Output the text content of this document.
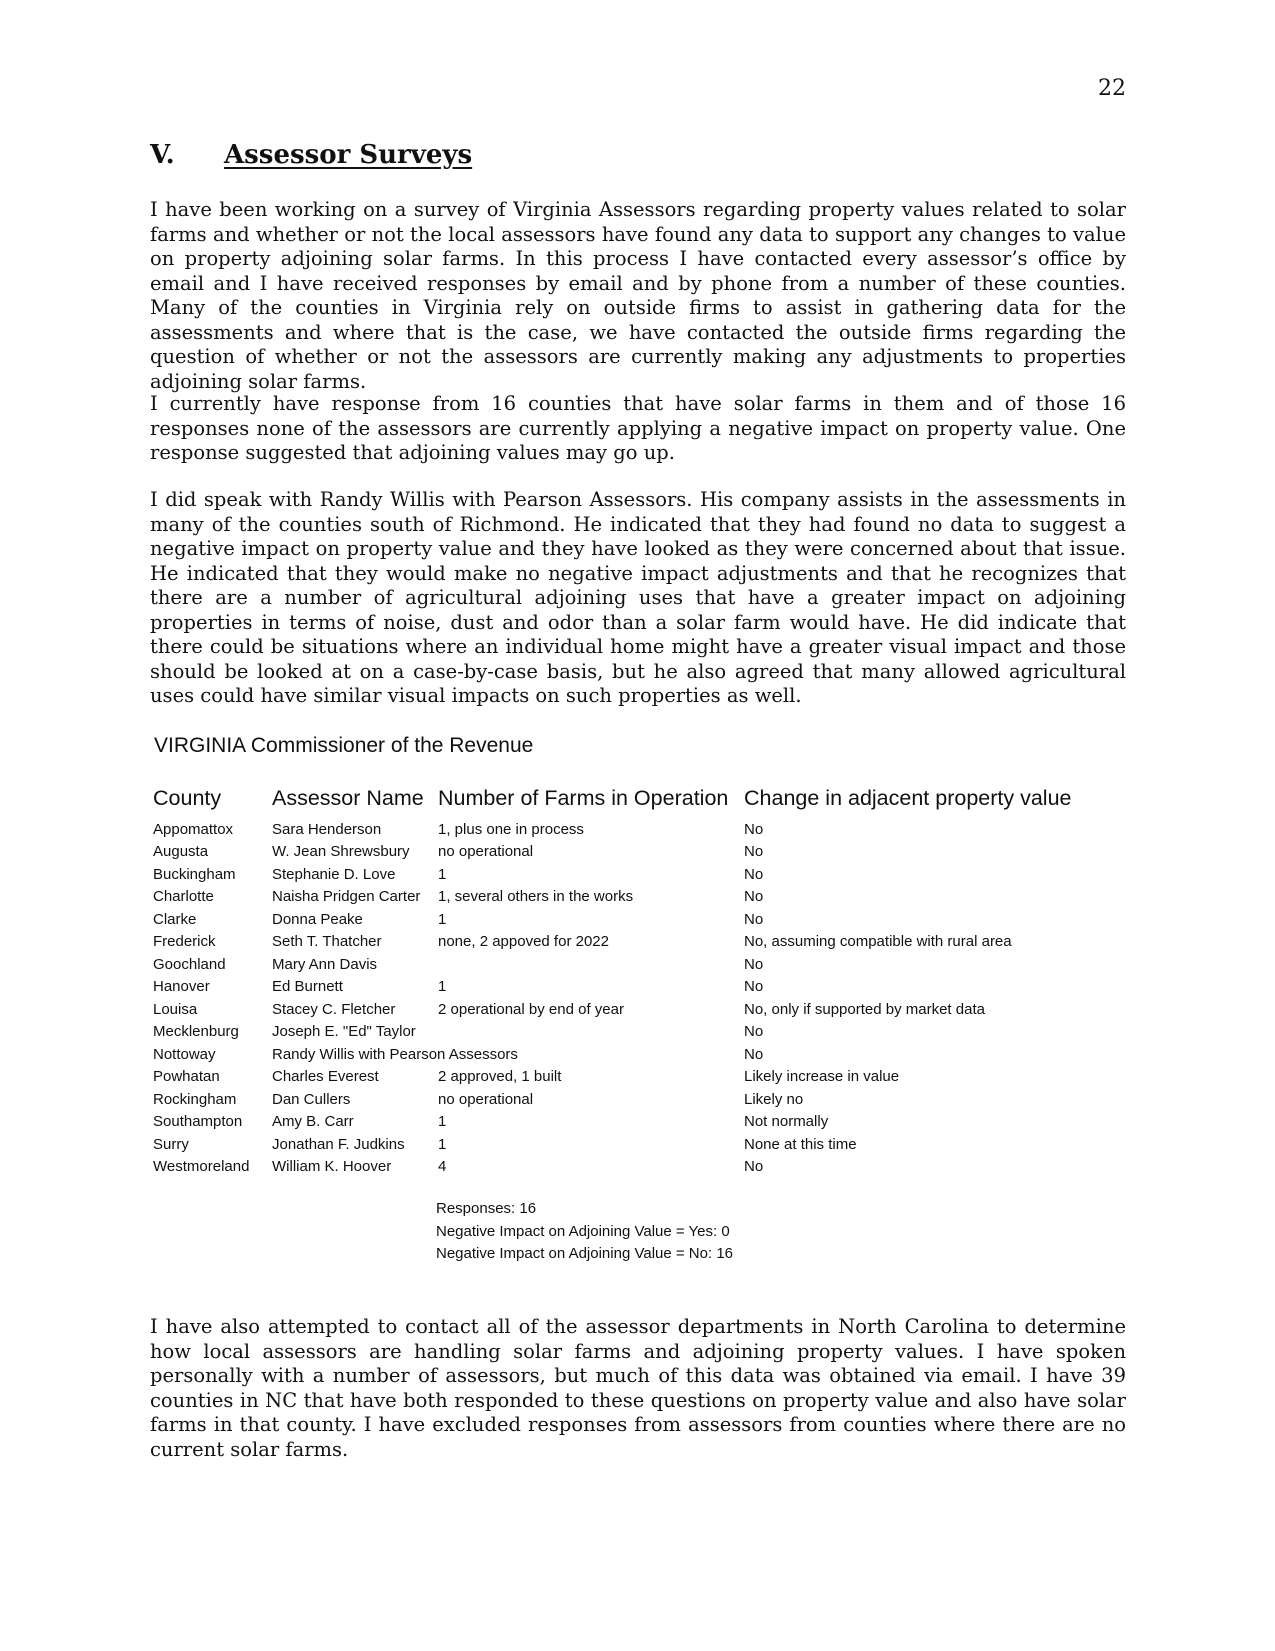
22
V.	Assessor Surveys

I have been working on a survey of Virginia Assessors regarding property values related to solar farms and whether or not the local assessors have found any data to support any changes to value on property adjoining solar farms. In this process I have contacted every assessor’s office by email and I have received responses by email and by phone from a number of these counties. Many of the counties in Virginia rely on outside firms to assist in gathering data for the assessments and where that is the case, we have contacted the outside firms regarding the question of whether or not the assessors are currently making any adjustments to properties adjoining solar farms.

I currently have response from 16 counties that have solar farms in them and of those 16 responses none of the assessors are currently applying a negative impact on property value. One response suggested that adjoining values may go up.

I did speak with Randy Willis with Pearson Assessors. His company assists in the assessments in many of the counties south of Richmond. He indicated that they had found no data to suggest a negative impact on property value and they have looked as they were concerned about that issue. He indicated that they would make no negative impact adjustments and that he recognizes that there are a number of agricultural adjoining uses that have a greater impact on adjoining properties in terms of noise, dust and odor than a solar farm would have. He did indicate that there could be situations where an individual home might have a greater visual impact and those should be looked at on a case-by-case basis, but he also agreed that many allowed agricultural uses could have similar visual impacts on such properties as well.

VIRGINIA Commissioner of the Revenue
County	Assessor Name	Number of Farms in Operation	Change in adjacent property value
Appomattox	Sara Henderson	1, plus one in process	No
Augusta	W. Jean Shrewsbury	no operational	No
Buckingham	Stephanie D. Love	1	No
Charlotte	Naisha Pridgen Carter	1, several others in the works	No
Clarke	Donna Peake	1	No
Frederick	Seth T. Thatcher	none, 2 appoved for 2022	No, assuming compatible with rural area
Goochland	Mary Ann Davis		No
Hanover	Ed Burnett	1	No
Louisa	Stacey C. Fletcher	2 operational by end of year	No, only if supported by market data
Mecklenburg	Joseph E. "Ed" Taylor		No
Nottoway	Randy Willis with Pearson Assessors		No
Powhatan	Charles Everest	2 approved, 1 built	Likely increase in value
Rockingham	Dan Cullers	no operational	Likely no
Southampton	Amy B. Carr	1	Not normally
Surry	Jonathan F. Judkins	1	None at this time
Westmoreland	William K. Hoover	4	No
Responses: 16
Negative Impact on Adjoining Value = Yes: 0
Negative Impact on Adjoining Value = No: 16

I have also attempted to contact all of the assessor departments in North Carolina to determine how local assessors are handling solar farms and adjoining property values. I have spoken personally with a number of assessors, but much of this data was obtained via email. I have 39 counties in NC that have both responded to these questions on property value and also have solar farms in that county. I have excluded responses from assessors from counties where there are no current solar farms.
